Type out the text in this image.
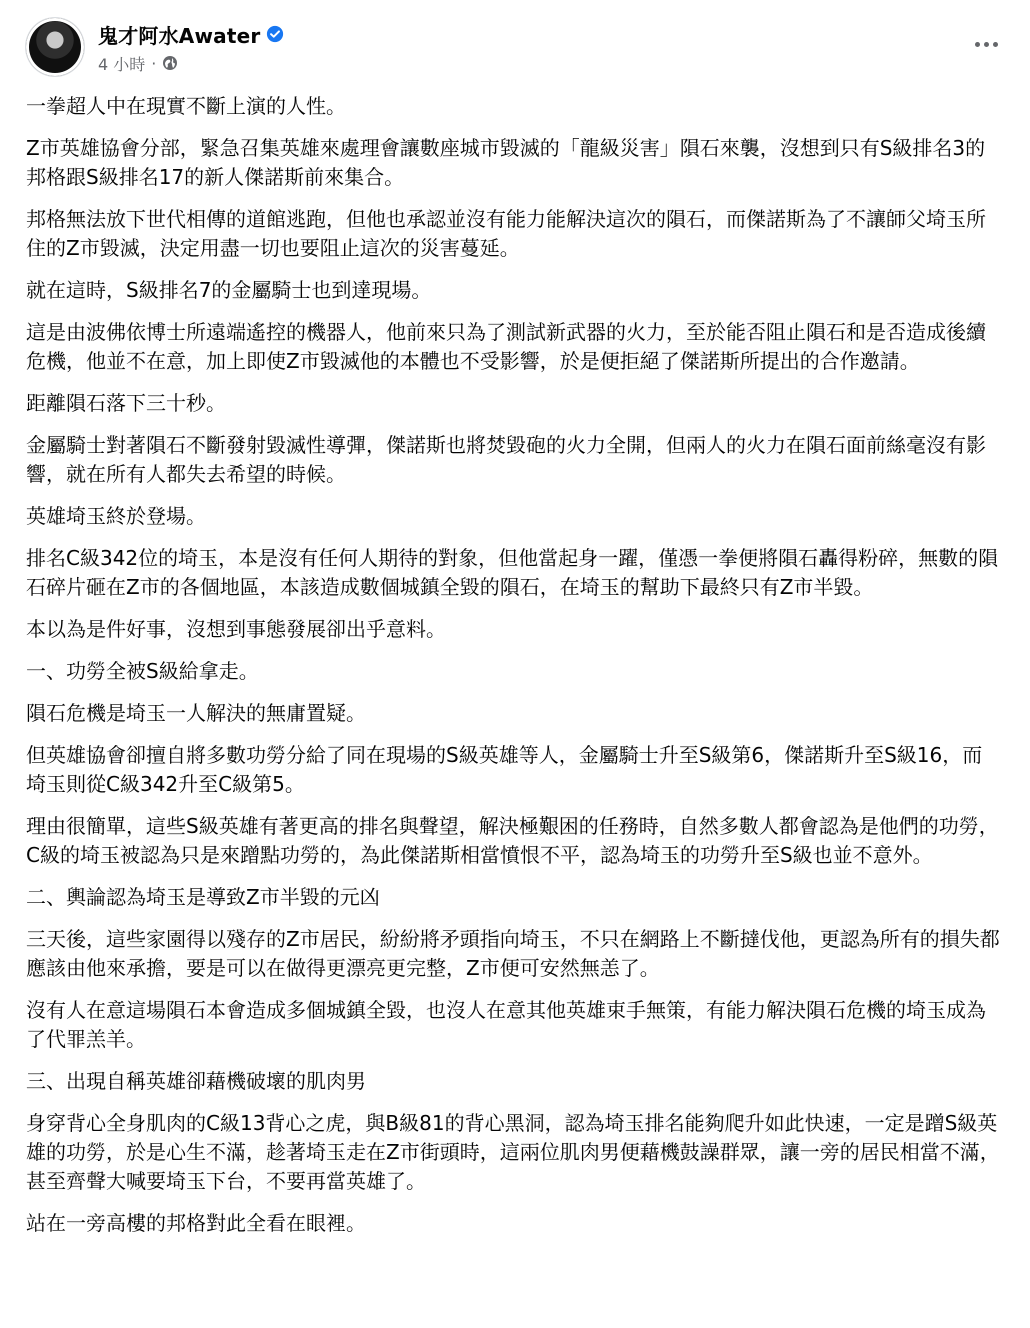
鬼才阿水Awater
4 小時 ·

一拳超人中在現實不斷上演的人性。

Z市英雄協會分部，緊急召集英雄來處理會讓數座城市毀滅的「龍級災害」隕石來襲，沒想到只有S級排名3的邦格跟S級排名17的新人傑諾斯前來集合。

邦格無法放下世代相傳的道館逃跑，但他也承認並沒有能力能解決這次的隕石，而傑諾斯為了不讓師父埼玉所住的Z市毀滅，決定用盡一切也要阻止這次的災害蔓延。

就在這時，S級排名7的金屬騎士也到達現場。

這是由波佛依博士所遠端遙控的機器人，他前來只為了測試新武器的火力，至於能否阻止隕石和是否造成後續危機，他並不在意，加上即使Z市毀滅他的本體也不受影響，於是便拒絕了傑諾斯所提出的合作邀請。

距離隕石落下三十秒。

金屬騎士對著隕石不斷發射毀滅性導彈，傑諾斯也將焚毀砲的火力全開，但兩人的火力在隕石面前絲毫沒有影響，就在所有人都失去希望的時候。

英雄埼玉終於登場。

排名C級342位的埼玉，本是沒有任何人期待的對象，但他當起身一躍，僅憑一拳便將隕石轟得粉碎，無數的隕石碎片砸在Z市的各個地區，本該造成數個城鎮全毀的隕石，在埼玉的幫助下最終只有Z市半毀。

本以為是件好事，沒想到事態發展卻出乎意料。

一、功勞全被S級給拿走。

隕石危機是埼玉一人解決的無庸置疑。

但英雄協會卻擅自將多數功勞分給了同在現場的S級英雄等人，金屬騎士升至S級第6，傑諾斯升至S級16，而埼玉則從C級342升至C級第5。

理由很簡單，這些S級英雄有著更高的排名與聲望，解決極艱困的任務時，自然多數人都會認為是他們的功勞，C級的埼玉被認為只是來蹭點功勞的，為此傑諾斯相當憤恨不平，認為埼玉的功勞升至S級也並不意外。

二、輿論認為埼玉是導致Z市半毀的元凶

三天後，這些家園得以殘存的Z市居民，紛紛將矛頭指向埼玉，不只在網路上不斷撻伐他，更認為所有的損失都應該由他來承擔，要是可以在做得更漂亮更完整，Z市便可安然無恙了。

沒有人在意這場隕石本會造成多個城鎮全毀，也沒人在意其他英雄束手無策，有能力解決隕石危機的埼玉成為了代罪羔羊。

三、出現自稱英雄卻藉機破壞的肌肉男

身穿背心全身肌肉的C級13背心之虎，與B級81的背心黑洞，認為埼玉排名能夠爬升如此快速，一定是蹭S級英雄的功勞，於是心生不滿，趁著埼玉走在Z市街頭時，這兩位肌肉男便藉機鼓譟群眾，讓一旁的居民相當不滿，甚至齊聲大喊要埼玉下台，不要再當英雄了。

站在一旁高樓的邦格對此全看在眼裡。
